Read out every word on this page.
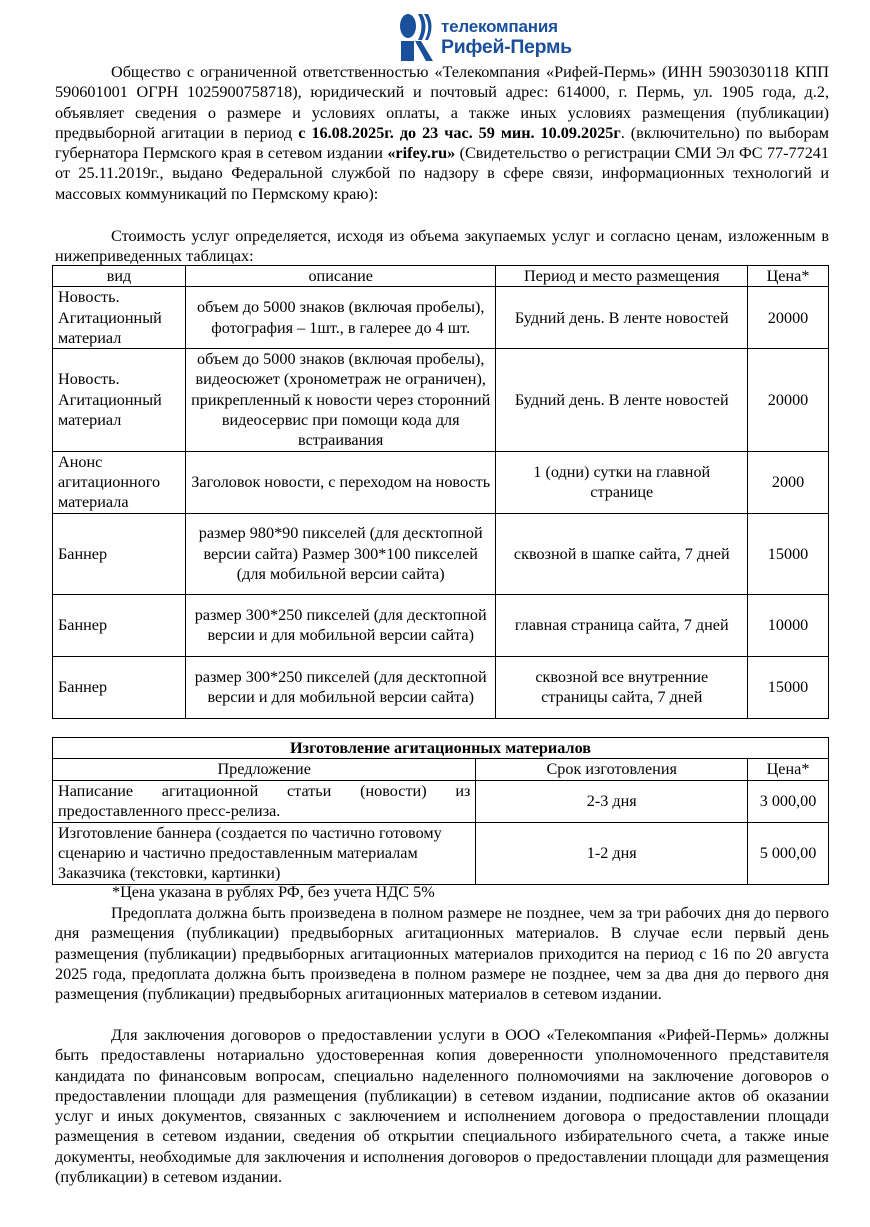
телекомпания
Рифей-Пермь

Общество с ограниченной ответственностью «Телекомпания «Рифей-Пермь» (ИНН 5903030118 КПП 590601001 ОГРН 1025900758718), юридический и почтовый адрес: 614000, г. Пермь, ул. 1905 года, д.2, объявляет сведения о размере и условиях оплаты, а также иных условиях размещения (публикации) предвыборной агитации в период с 16.08.2025г. до 23 час. 59 мин. 10.09.2025г. (включительно) по выборам губернатора Пермского края в сетевом издании «rifey.ru» (Свидетельство о регистрации СМИ Эл ФС 77-77241 от 25.11.2019г., выдано Федеральной службой по надзору в сфере связи, информационных технологий и массовых коммуникаций по Пермскому краю):

Стоимость услуг определяется, исходя из объема закупаемых услуг и согласно ценам, изложенным в нижеприведенных таблицах:

вид	описание	Период и место размещения	Цена*
Новость. Агитационный материал	объем до 5000 знаков (включая пробелы), фотография – 1шт., в галерее до 4 шт.	Будний день. В ленте новостей	20000
Новость. Агитационный материал	объем до 5000 знаков (включая пробелы), видеосюжет (хронометраж не ограничен), прикрепленный к новости через сторонний видеосервис при помощи кода для встраивания	Будний день. В ленте новостей	20000
Анонс агитационного материала	Заголовок новости, с переходом на новость	1 (одни) сутки на главной странице	2000
Баннер	размер 980*90 пикселей (для десктопной версии сайта) Размер 300*100 пикселей (для мобильной версии сайта)	сквозной в шапке сайта, 7 дней	15000
Баннер	размер 300*250 пикселей (для десктопной версии и для мобильной версии сайта)	главная страница сайта, 7 дней	10000
Баннер	размер 300*250 пикселей (для десктопной версии и для мобильной версии сайта)	сквозной все внутренние страницы сайта, 7 дней	15000
Изготовление агитационных материалов		
Предложение	Срок изготовления	Цена*
Написание агитационной статьи (новости) из предоставленного пресс-релиза.	2-3 дня	3 000,00
Изготовление баннера (создается по частично готовому сценарию и частично предоставленным материалам Заказчика (текстовки, картинки)	1-2 дня	5 000,00
*Цена указана в рублях РФ, без учета НДС 5%

Предоплата должна быть произведена в полном размере не позднее, чем за три рабочих дня до первого дня размещения (публикации) предвыборных агитационных материалов. В случае если первый день размещения (публикации) предвыборных агитационных материалов приходится на период с 16 по 20 августа 2025 года, предоплата должна быть произведена в полном размере не позднее, чем за два дня до первого дня размещения (публикации) предвыборных агитационных материалов в сетевом издании.

Для заключения договоров о предоставлении услуги в ООО «Телекомпания «Рифей-Пермь» должны быть предоставлены нотариально удостоверенная копия доверенности уполномоченного представителя кандидата по финансовым вопросам, специально наделенного полномочиями на заключение договоров о предоставлении площади для размещения (публикации) в сетевом издании, подписание актов об оказании услуг и иных документов, связанных с заключением и исполнением договора о предоставлении площади размещения в сетевом издании, сведения об открытии специального избирательного счета, а также иные документы, необходимые для заключения и исполнения договоров о предоставлении площади для размещения (публикации) в сетевом издании.
